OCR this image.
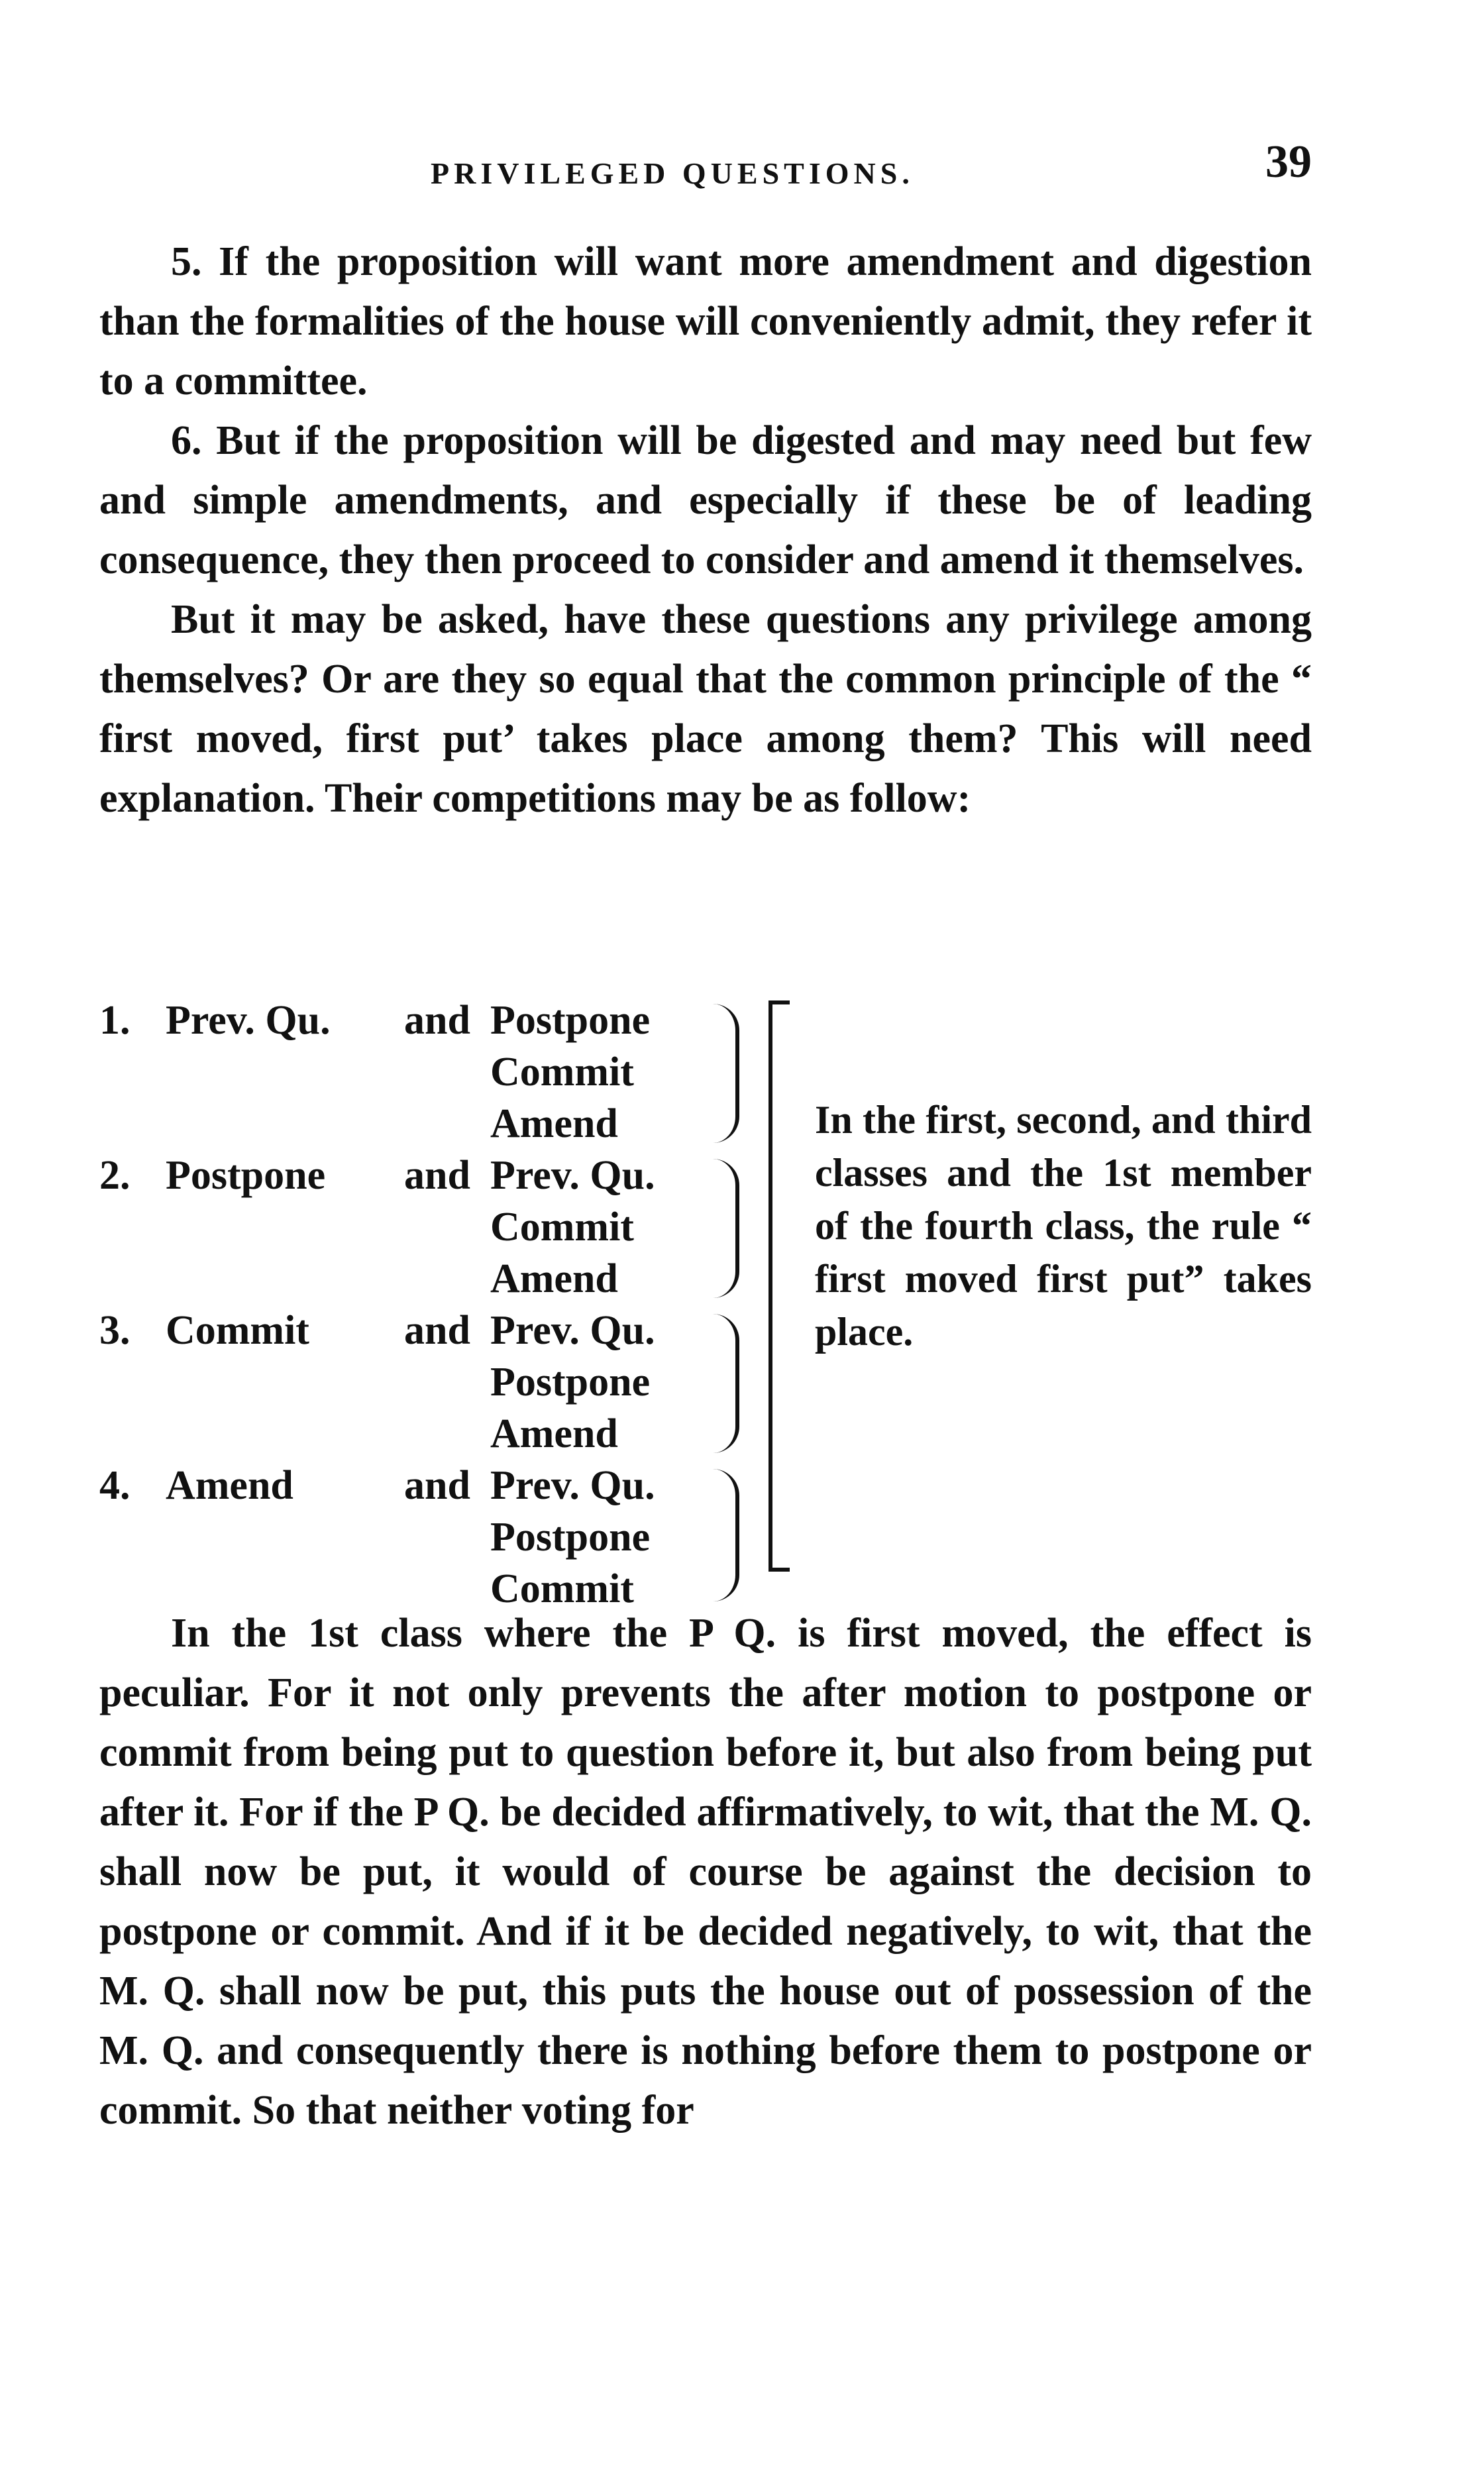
PRIVILEGED QUESTIONS.	39

5. If the proposition will want more amendment and digestion than the formalities of the house will conveniently admit, they refer it to a committee.

6. But if the proposition will be digested and may need but few and simple amendments, and especially if these be of leading consequence, they then proceed to consider and amend it themselves.

But it may be asked, have these questions any privilege among themselves? Or are they so equal that the common principle of the “ first moved, first put’ takes place among them? This will need explanation. Their competitions may be as follow:

1. Prev. Qu. and Postpone
Commit
Amend
2. Postpone and Prev. Qu.
Commit
Amend
3. Commit and Prev. Qu.
Postpone
Amend
4. Amend	and Prev. Qu.
Postpone
Commit
In the first, second, and third classes and the 1st member of the fourth class, the rule “ first moved first put” takes place.

In the 1st class where the P Q. is first moved, the effect is peculiar. For it not only prevents the after motion to postpone or commit from being put to question before it, but also from being put after it. For if the P Q. be decided affirmatively, to wit, that the M. Q. shall now be put, it would of course be against the decision to postpone or commit. And if it be decided negatively, to wit, that the M. Q. shall now be put, this puts the house out of possession of the M. Q. and consequently there is nothing before them to postpone or commit. So that neither voting for
